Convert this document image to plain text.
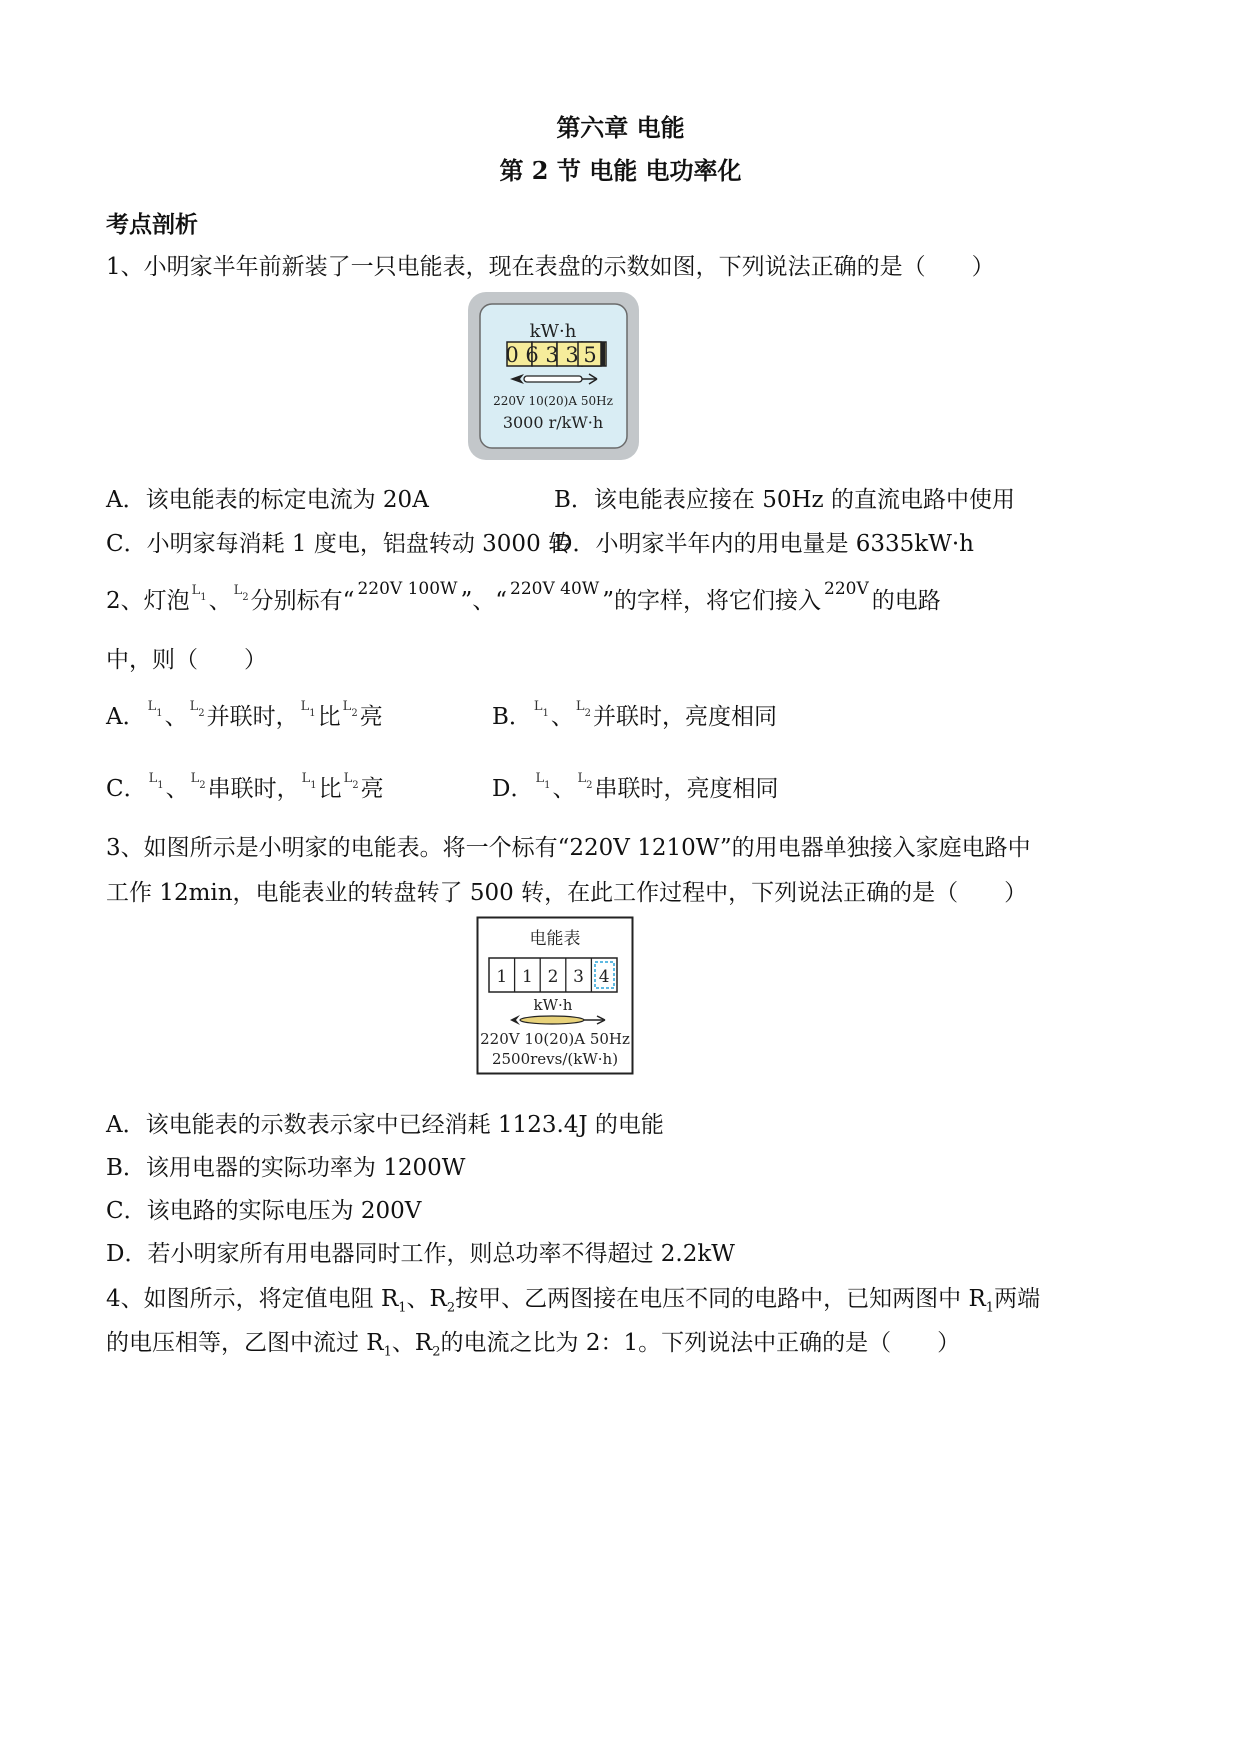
第六章 电能
第 2 节 电能 电功率化
考点剖析
1、小明家半年前新装了一只电能表，现在表盘的示数如图，下列说法正确的是（　　）
kW·h
0 6 3 3 5
220V 10(20)A 50Hz
3000 r/kW·h
A．该电能表的标定电流为 20A	B．该电能表应接在 50Hz 的直流电路中使用
C．小明家每消耗 1 度电，铝盘转动 3000 转
D．小明家半年内的用电量是 6335kW·h
2、灯泡 $^{L_1}$、 $^{L_2}$分别标有“ $^{220V 100W}$ ”、“ $^{220V 40W}$ ”的字样，将它们接入 $^{220V}$ 的电路
中，则（　　）
A． $^{L_1}$、 $^{L_2}$并联时， $^{L_1}$比 $^{L_2}$亮	B． $^{L_1}$、 $^{L_2}$并联时，亮度相同
C． $^{L_1}$、 $^{L_2}$串联时， $^{L_1}$比 $^{L_2}$亮	D． $^{L_1}$、 $^{L_2}$串联时，亮度相同
3、如图所示是小明家的电能表。将一个标有“220V 1210W”的用电器单独接入家庭电路中
工作 12min，电能表业的转盘转了 500 转，在此工作过程中，下列说法正确的是（　　）
电能表
1 1 2 3 4
kW·h
220V 10(20)A 50Hz
2500revs/(kW·h)
A．该电能表的示数表示家中已经消耗 1123.4J 的电能
B．该用电器的实际功率为 1200W
C．该电路的实际电压为 200V
D．若小明家所有用电器同时工作，则总功率不得超过 2.2kW
4、如图所示，将定值电阻 $R_1$、$R_2$按甲、乙两图接在电压不同的电路中，已知两图中 $R_1$两端
的电压相等，乙图中流过 $R_1$、$R_2$的电流之比为 2：1。下列说法中正确的是（　　）
